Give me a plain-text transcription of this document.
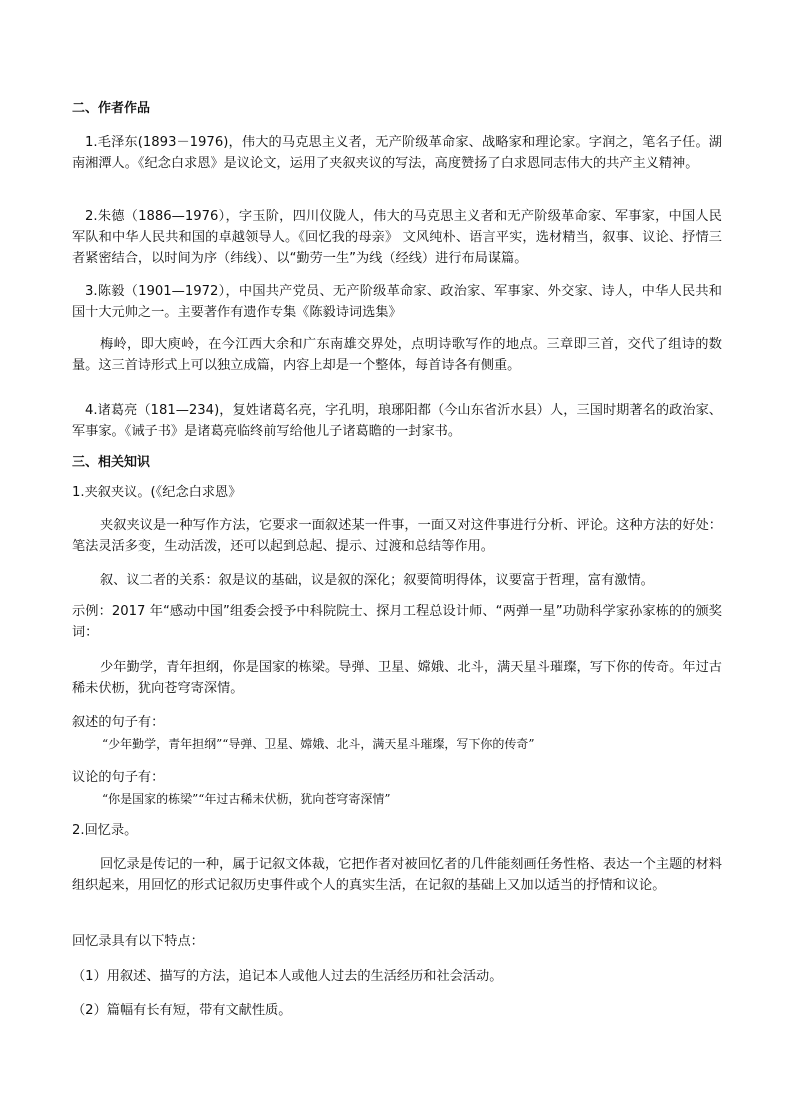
二、作者作品

1.毛泽东(1893－1976)，伟大的马克思主义者，无产阶级革命家、战略家和理论家。字润之，笔名子任。湖南湘潭人。《纪念白求恩》是议论文，运用了夹叙夹议的写法，高度赞扬了白求恩同志伟大的共产主义精神。

2.朱德（1886—1976），字玉阶，四川仪陇人，伟大的马克思主义者和无产阶级革命家、军事家，中国人民军队和中华人民共和国的卓越领导人。《回忆我的母亲》 文风纯朴、语言平实，选材精当，叙事、议论、抒情三者紧密结合，以时间为序（纬线）、以“勤劳一生”为线（经线）进行布局谋篇。

3.陈毅（1901—1972），中国共产党员、无产阶级革命家、政治家、军事家、外交家、诗人，中华人民共和国十大元帅之一。主要著作有遗作专集《陈毅诗词选集》

梅岭，即大庾岭，在今江西大余和广东南雄交界处，点明诗歌写作的地点。三章即三首，交代了组诗的数量。这三首诗形式上可以独立成篇，内容上却是一个整体，每首诗各有侧重。

4.诸葛亮（181—234)，复姓诸葛名亮，字孔明，琅琊阳都（今山东省沂水县）人，三国时期著名的政治家、军事家。《诫子书》是诸葛亮临终前写给他儿子诸葛瞻的一封家书。

三、相关知识

1.夹叙夹议。(《纪念白求恩》

夹叙夹议是一种写作方法，它要求一面叙述某一件事，一面又对这件事进行分析、评论。这种方法的好处：笔法灵活多变，生动活泼，还可以起到总起、提示、过渡和总结等作用。

叙、议二者的关系：叙是议的基础，议是叙的深化；叙要简明得体，议要富于哲理，富有激情。

示例：2017 年“感动中国”组委会授予中科院院士、探月工程总设计师、“两弹一星”功勋科学家孙家栋的的颁奖词：

少年勤学，青年担纲，你是国家的栋梁。导弹、卫星、嫦娥、北斗，满天星斗璀璨，写下你的传奇。年过古稀未伏枥，犹向苍穹寄深情。

叙述的句子有：

“少年勤学，青年担纲”“导弹、卫星、嫦娥、北斗，满天星斗璀璨，写下你的传奇”

议论的句子有：

“你是国家的栋梁”“年过古稀未伏枥，犹向苍穹寄深情”

2.回忆录。

回忆录是传记的一种，属于记叙文体裁，它把作者对被回忆者的几件能刻画任务性格、表达一个主题的材料组织起来，用回忆的形式记叙历史事件或个人的真实生活，在记叙的基础上又加以适当的抒情和议论。

回忆录具有以下特点：

（1）用叙述、描写的方法，追记本人或他人过去的生活经历和社会活动。

（2）篇幅有长有短，带有文献性质。
